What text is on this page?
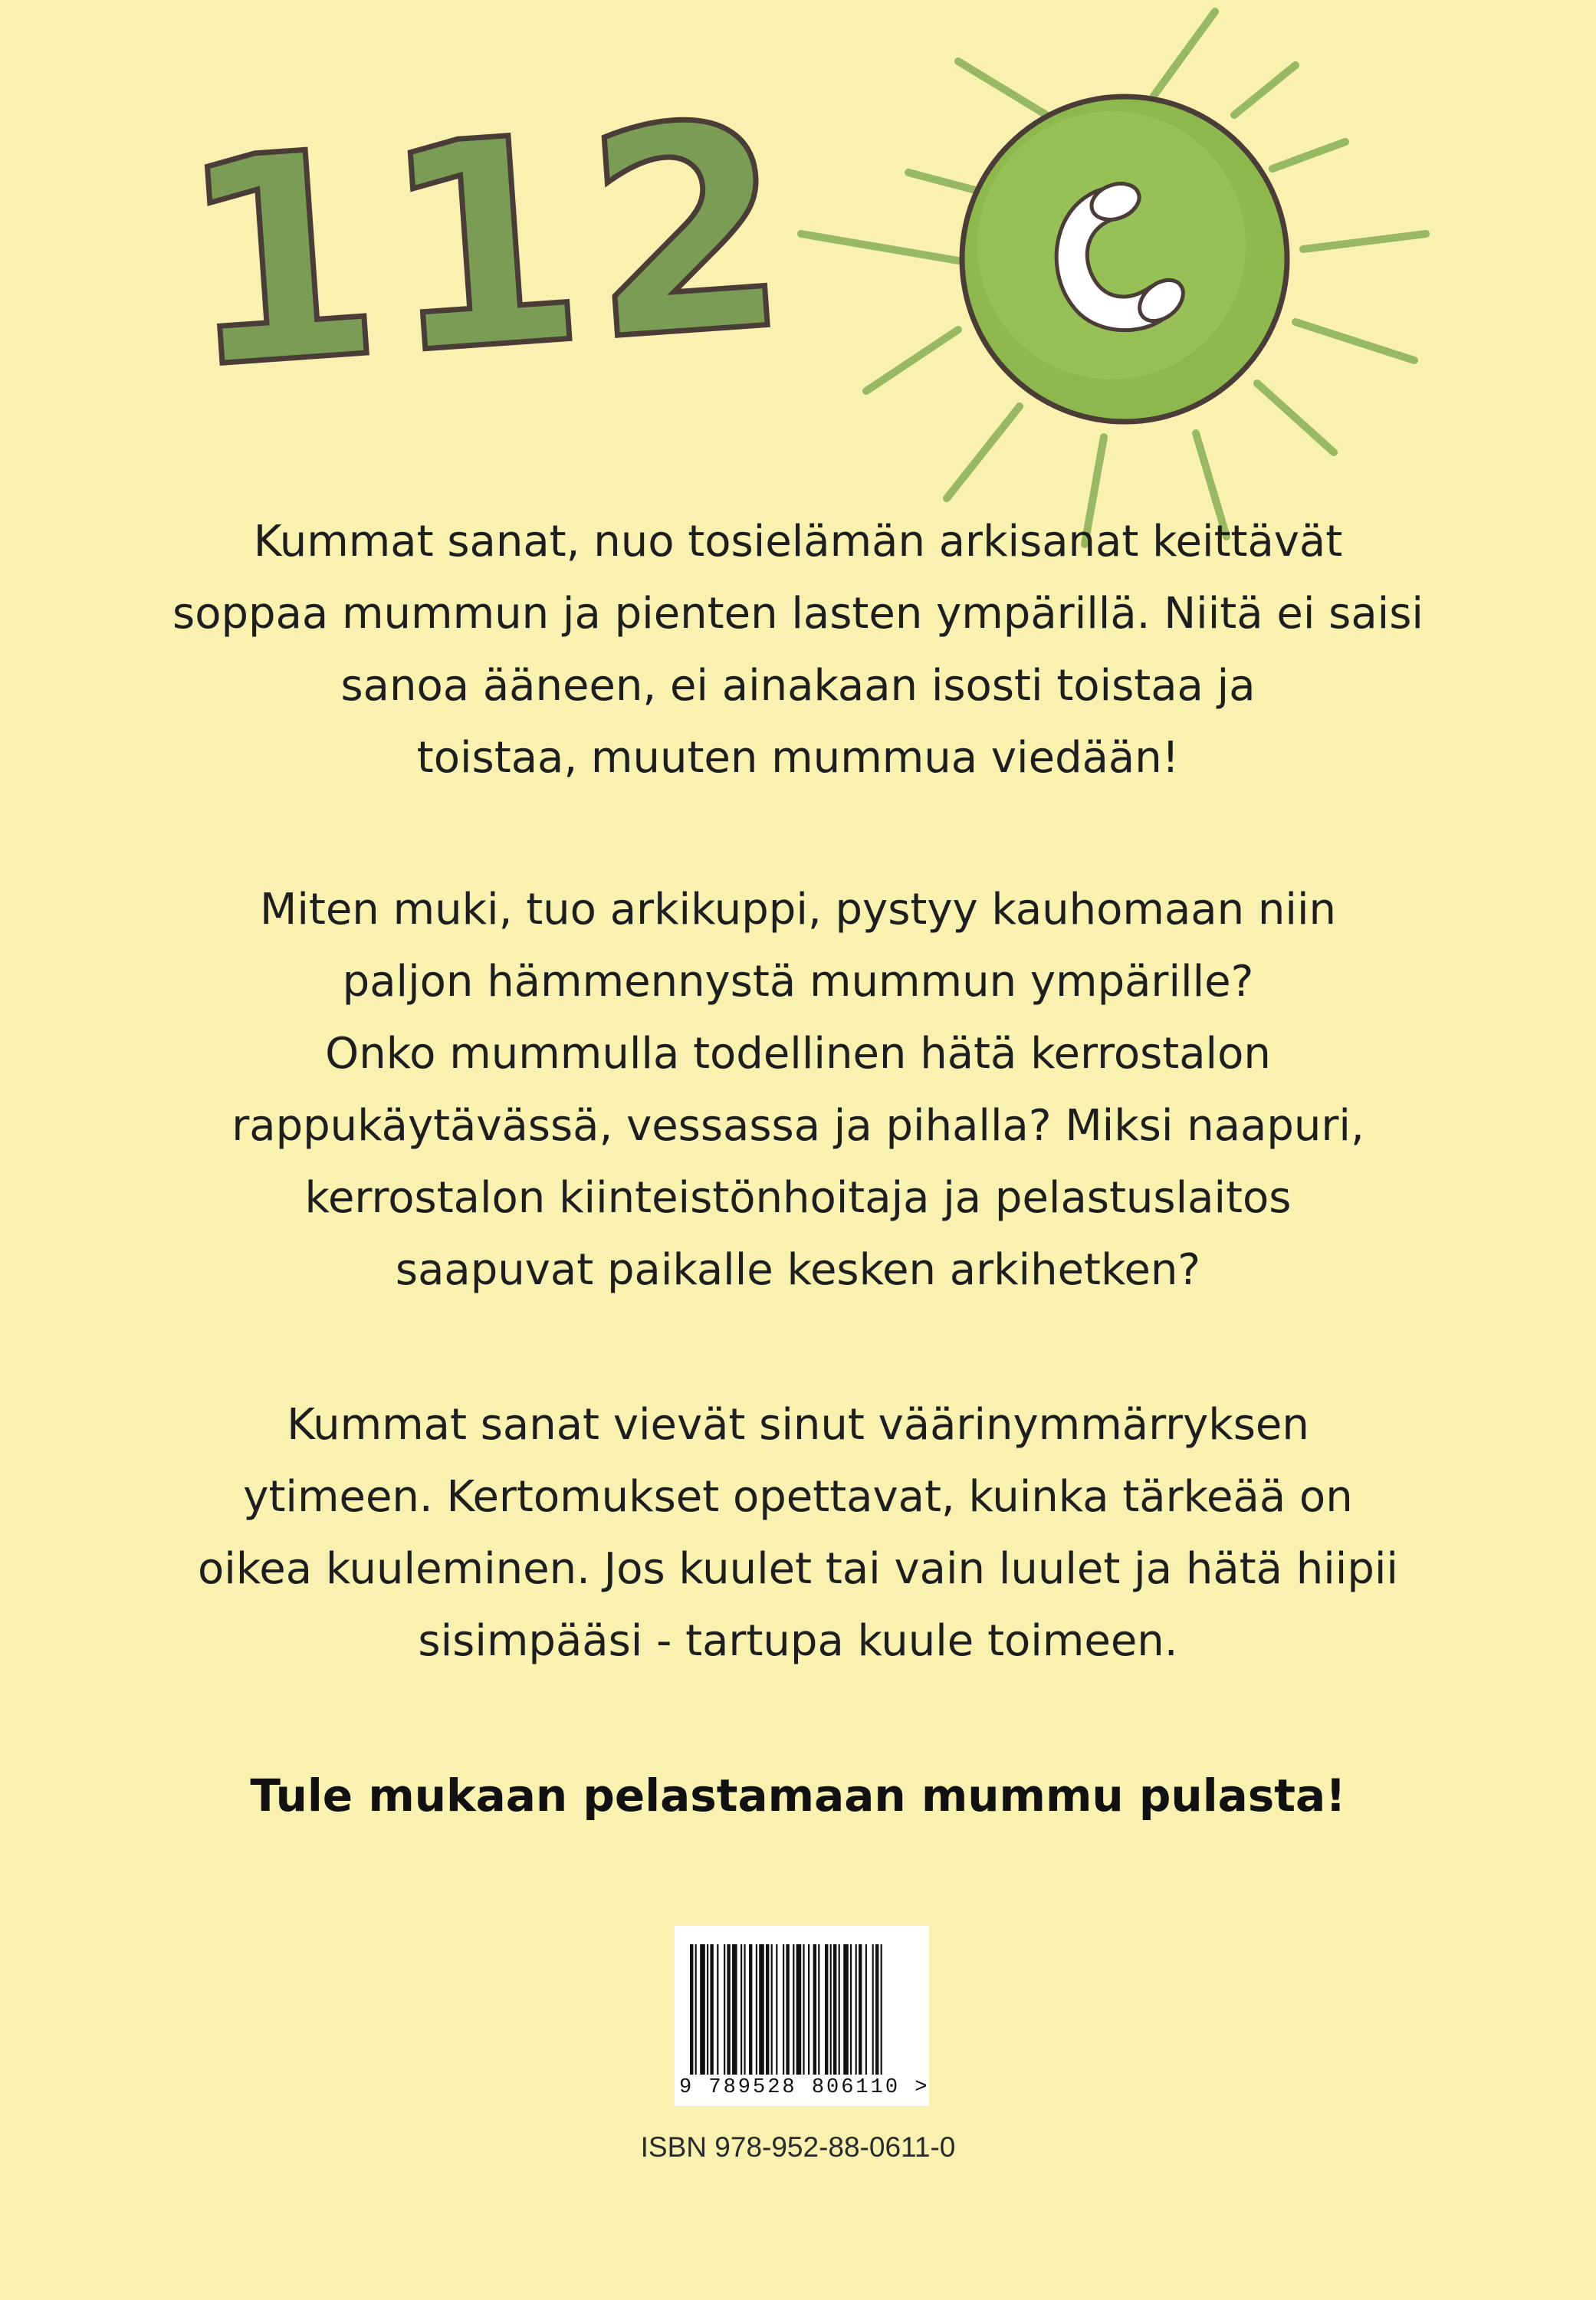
112
Kummat sanat, nuo tosielämän arkisanat keittävät
soppaa mummun ja pienten lasten ympärillä. Niitä ei saisi
sanoa ääneen, ei ainakaan isosti toistaa ja
toistaa, muuten mummua viedään!
Miten muki, tuo arkikuppi, pystyy kauhomaan niin
paljon hämmennystä mummun ympärille?
Onko mummulla todellinen hätä kerrostalon
rappukäytävässä, vessassa ja pihalla? Miksi naapuri,
kerrostalon kiinteistönhoitaja ja pelastuslaitos
saapuvat paikalle kesken arkihetken?
Kummat sanat vievät sinut väärinymmärryksen
ytimeen. Kertomukset opettavat, kuinka tärkeää on
oikea kuuleminen. Jos kuulet tai vain luulet ja hätä hiipii
sisimpääsi - tartupa kuule toimeen.
Tule mukaan pelastamaan mummu pulasta!
9 789528 806110 >
ISBN 978-952-88-0611-0
